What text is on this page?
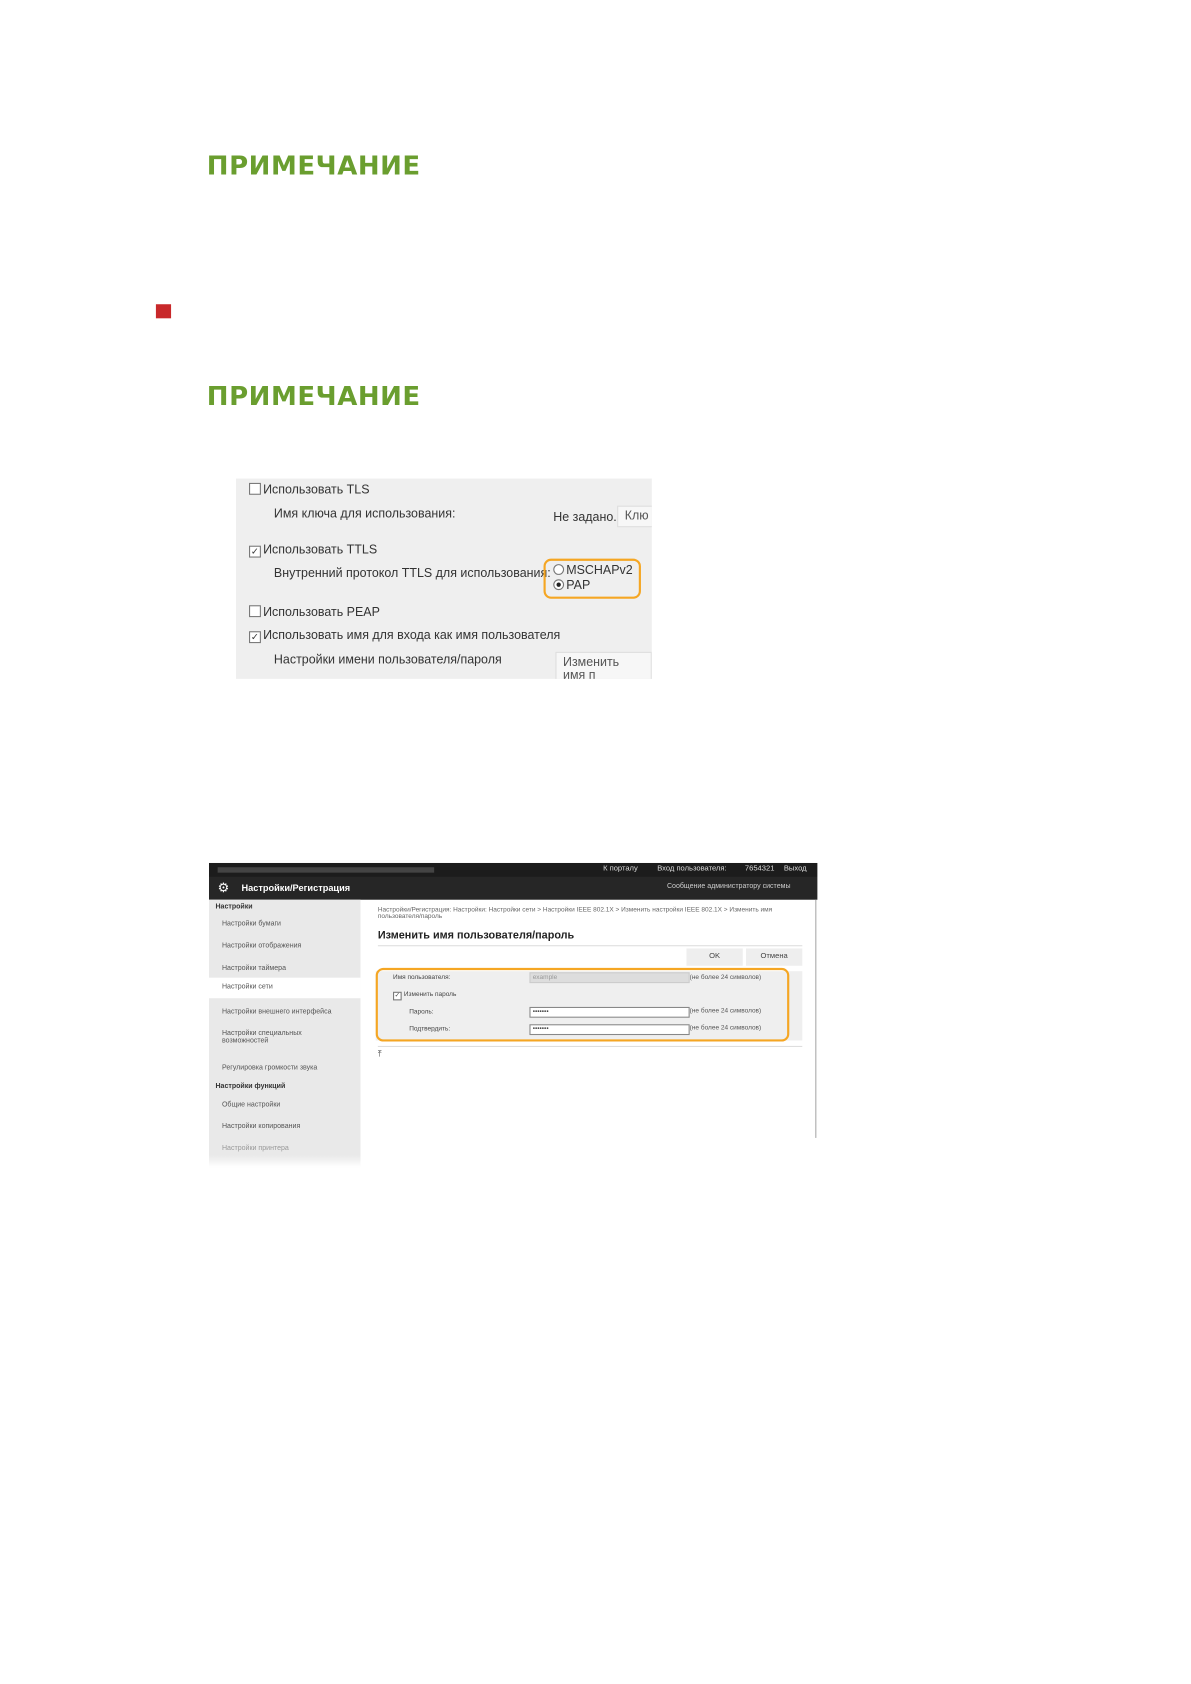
ПРИМЕЧАНИЕ
ПРИМЕЧАНИЕ
Использовать TLS
Имя ключа для использования:	Не задано. Клю
✓ Использовать TTLS
Внутренний протокол TTLS для использования:	MSCHAPv2
PAP
Использовать PEAP
✓ Использовать имя для входа как имя пользователя
Настройки имени пользователя/пароля	Изменить имя п
К порталу	Вход пользователя:	7654321 Выход
⚙ Настройки/Регистрация	Сообщение администратору системы
Настройки
Настройки бумаги
Настройки отображения
Настройки таймера
Настройки сети
Настройки внешнего интерфейса
Настройки специальных возможностей
Регулировка громкости звука
Настройки функций
Общие настройки
Настройки копирования
Настройки принтера
Настройки/Регистрация: Настройки: Настройки сети > Настройки IEEE 802.1X > Изменить настройки IEEE 802.1X > Изменить имя пользователя/пароль
Изменить имя пользователя/пароль
OK	Отмена
Имя пользователя:	example	(не более 24 символов)
✓ Изменить пароль
Пароль:	•••••••	(не более 24 символов)
Подтвердить:	•••••••	(не более 24 символов)
⤒
